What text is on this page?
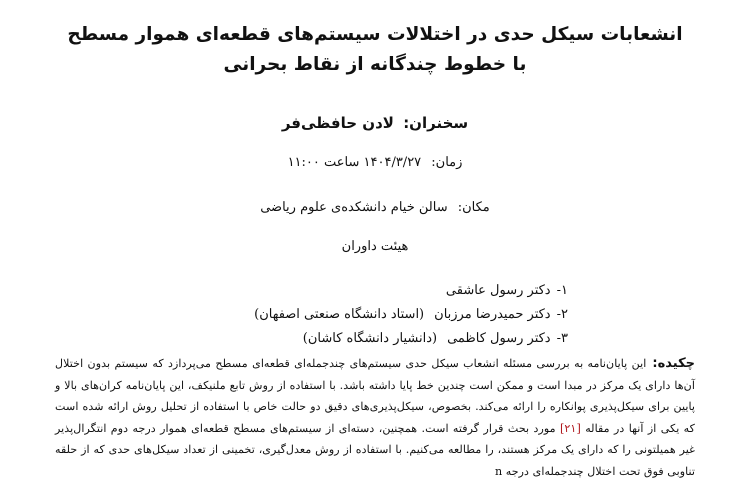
انشعابات سیکل حدی در اختلالات سیستم‌های قطعه‌ای هموار مسطح با خطوط چندگانه از نقاط بحرانی
سخنران: لادن حافظی‌فر
زمان: ۱۴۰۴/۳/۲۷ ساعت ۱۱:۰۰
مکان: سالن خیام دانشکده‌ی علوم ریاضی
هیئت داوران
۱-دکتر رسول عاشقی
۲-دکتر حمیدرضا مرزبان(استاد دانشگاه صنعتی اصفهان)
۳-دکتر رسول کاظمی(دانشیار دانشگاه کاشان)
چکیده:این پایان‌نامه به بررسی مسئله انشعاب سیکل حدی سیستم‌های چندجمله‌ای قطعه‌ای مسطح می‌پردازد که سیستم بدون اختلال آن‌ها دارای یک مرکز در مبدا است و ممکن است چندین خط پایا داشته باشد. با استفاده از روش تابع ملنیکف، این پایان‌نامه کران‌های بالا و پایین برای سیکل‌پذیری پوانکاره را ارائه می‌کند. بخصوص، سیکل‌پذیری‌های دقیق دو حالت خاص با استفاده از تحلیل روش ارائه شده است که یکی از آنها در مقاله [۲۱] مورد بحث قرار گرفته است. همچنین، دسته‌ای از سیستم‌های مسطح قطعه‌ای هموار درجه دوم انتگرال‌پذیر غیر همیلتونی را که دارای یک مرکز هستند، را مطالعه می‌کنیم. با استفاده از روش معدل‌گیری، تخمینی از تعداد سیکل‌های حدی که از حلقه تناوبی فوق تحت اختلال چندجمله‌ای درجه n
